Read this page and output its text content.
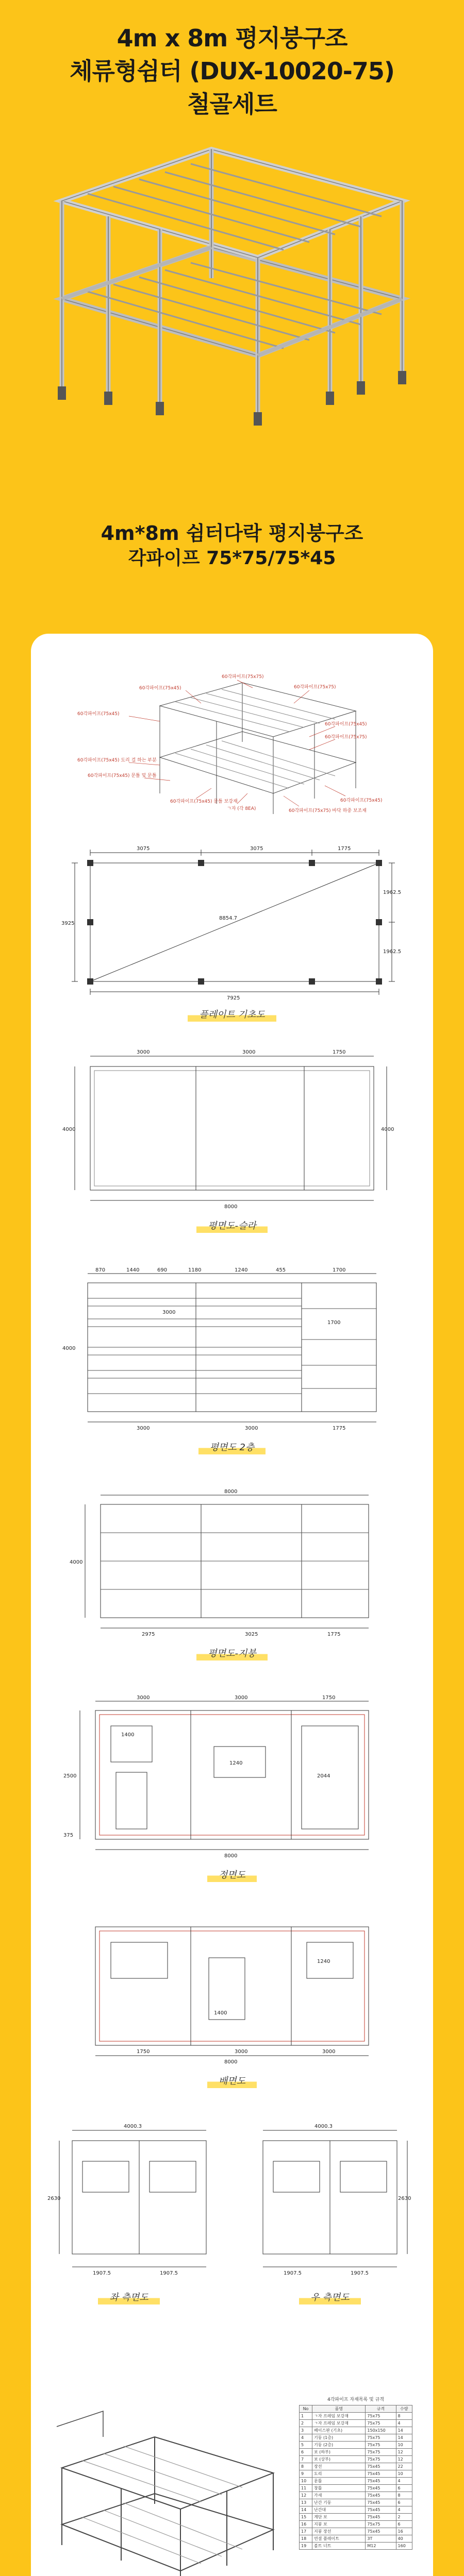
4m x 8m 평지붕구조
체류형쉼터 (DUX-10020-75)
철골세트
4m*8m 쉼터다락 평지붕구조
각파이프 75*75/75*45
60각파이프(75x45)
60각파이프(75x75)
60각파이프(75x75)
60각파이프(75x45)
60각파이프(75x45)
60각파이프(75x75)
60각파이프(75x45) 도리 걸 하는 부분
60각파이프(75x45) 문틀 및 문틀
60각파이프(75x45) 문틀 보강재
ㄱ자 (각 8EA)	60각파이프(75x75) 바닥 하중 보조재
60각파이프(75x45)
3075	3075	1775
7925
8854.7
3925
1962.5
1962.5
플레이트 기초도
3000	3000	1750
8000
4000	4000
평면도-슬라
870	1440	690	1180	1240	455	1700
3000
1700
3000	3000	1775
4000
평면도 2층
8000
2975	3025	1775
4000
평면도-지붕
3000	3000	1750
1400
1240
2044
2500
375
8000
정면도
1750	3000	3000
8000
1400
1240
배면도
4000.3
1907.5	1907.5
2630
4000.3
1907.5	1907.5
2630
좌 측면도	우 측면도
4각파이프 자재목록 및 규격
No	품명	규격	수량
1	ㄱ자 프레임 보강재	75x75	8
2	ㄱ자 프레임 보강재	75x75	4
3	베이스판 (기초)	150x150	14
4	기둥 (1층)	75x75	14
5	기둥 (2층)	75x75	10
6	보 (하부)	75x75	12
7	보 (상부)	75x75	12
8	장선	75x45	22
9	도리	75x45	10
10	문틀	75x45	4
11	창틀	75x45	6
12	가새	75x45	8
13	난간 기둥	75x45	6
14	난간대	75x45	4
15	계단 보	75x45	2
16	지붕 보	75x75	6
17	지붕 장선	75x45	16
18	연결 플레이트	3T	40
19	볼트 너트	M12	160
